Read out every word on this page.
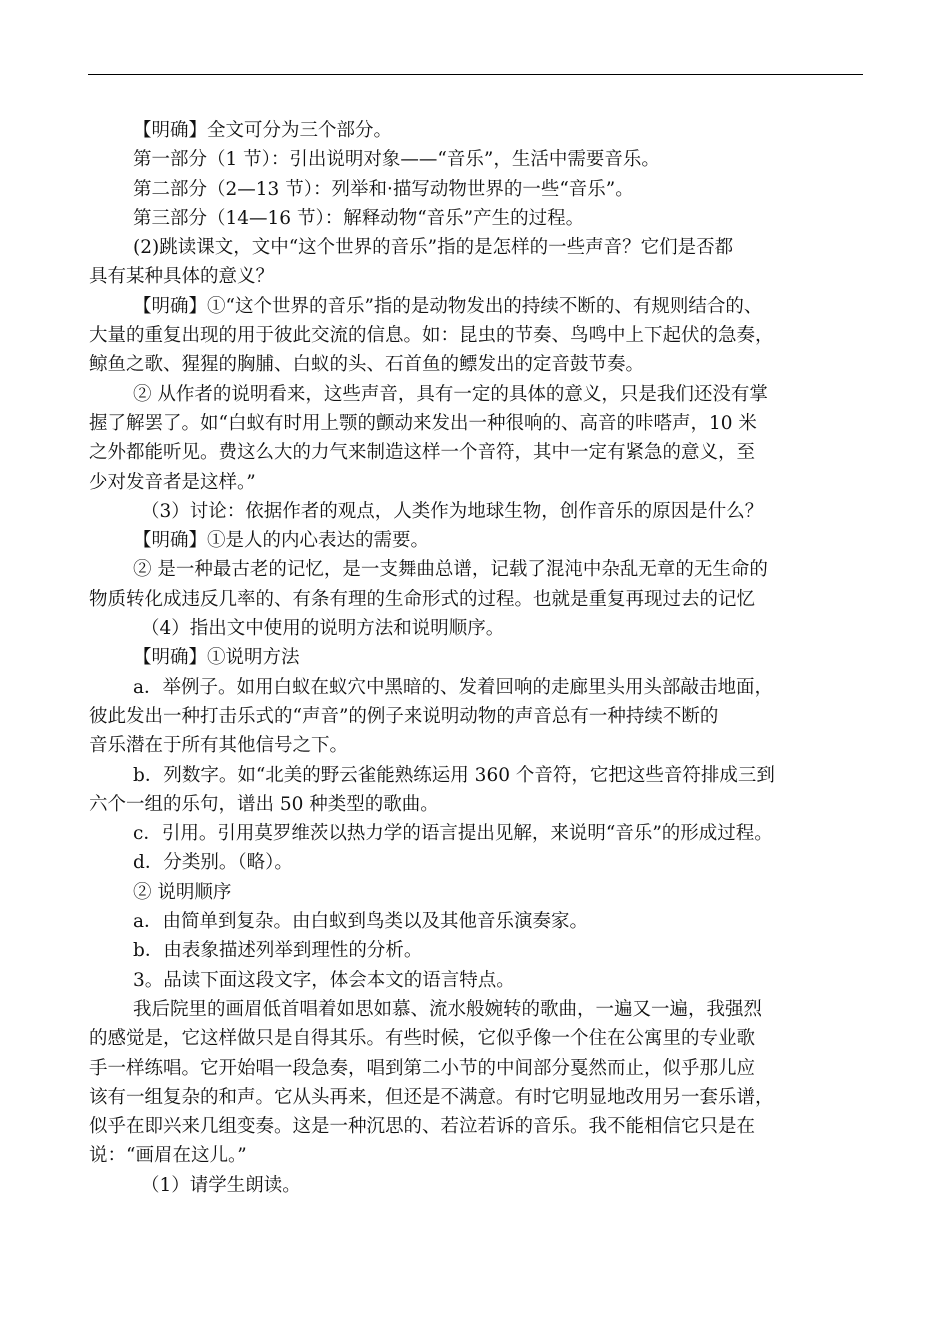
【明确】全文可分为三个部分。

第一部分（1 节）：引出说明对象——“音乐”，生活中需要音乐。

第二部分（2—13 节）：列举和·描写动物世界的一些“音乐”。

第三部分（14—16 节）：解释动物“音乐”产生的过程。

(2)跳读课文，文中“这个世界的音乐”指的是怎样的一些声音？它们是否都

具有某种具体的意义？

【明确】①“这个世界的音乐”指的是动物发出的持续不断的、有规则结合的、

大量的重复出现的用于彼此交流的信息。如：昆虫的节奏、鸟鸣中上下起伏的急奏，

鲸鱼之歌、猩猩的胸脯、白蚁的头、石首鱼的鳔发出的定音鼓节奏。

② 从作者的说明看来，这些声音，具有一定的具体的意义，只是我们还没有掌

握了解罢了。如“白蚁有时用上颚的颤动来发出一种很响的、高音的咔嗒声，10 米

之外都能听见。费这么大的力气来制造这样一个音符，其中一定有紧急的意义，至

少对发音者是这样。”

（3）讨论：依据作者的观点，人类作为地球生物，创作音乐的原因是什么？

【明确】①是人的内心表达的需要。

② 是一种最古老的记忆，是一支舞曲总谱，记载了混沌中杂乱无章的无生命的

物质转化成违反几率的、有条有理的生命形式的过程。也就是重复再现过去的记忆

（4）指出文中使用的说明方法和说明顺序。

【明确】①说明方法

a．举例子。如用白蚁在蚁穴中黑暗的、发着回响的走廊里头用头部敲击地面，

彼此发出一种打击乐式的“声音”的例子来说明动物的声音总有一种持续不断的

音乐潜在于所有其他信号之下。

b．列数字。如“北美的野云雀能熟练运用 360 个音符，它把这些音符排成三到

六个一组的乐句，谱出 50 种类型的歌曲。

c．引用。引用莫罗维茨以热力学的语言提出见解，来说明“音乐”的形成过程。

d．分类别。（略）。

② 说明顺序

a．由简单到复杂。由白蚁到鸟类以及其他音乐演奏家。

b．由表象描述列举到理性的分析。

3。品读下面这段文字，体会本文的语言特点。

我后院里的画眉低首唱着如思如慕、流水般婉转的歌曲，一遍又一遍，我强烈

的感觉是，它这样做只是自得其乐。有些时候，它似乎像一个住在公寓里的专业歌

手一样练唱。它开始唱一段急奏，唱到第二小节的中间部分戛然而止，似乎那儿应

该有一组复杂的和声。它从头再来，但还是不满意。有时它明显地改用另一套乐谱，

似乎在即兴来几组变奏。这是一种沉思的、若泣若诉的音乐。我不能相信它只是在

说：“画眉在这儿。”

（1）请学生朗读。
